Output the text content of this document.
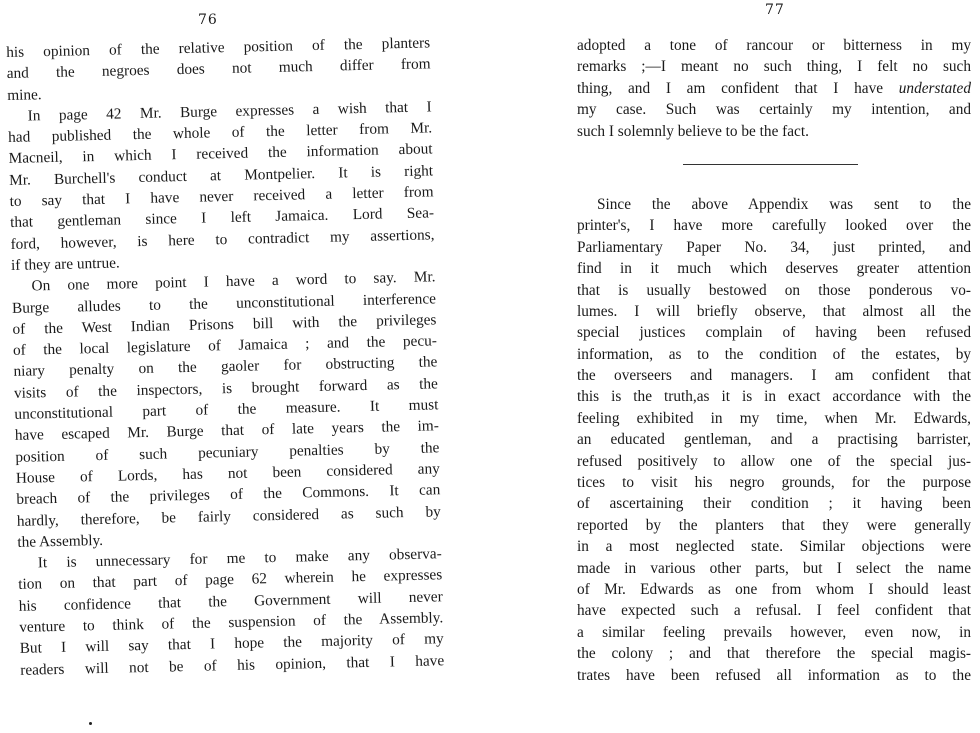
76
his opinion of the relative position of the planters
and the negroes does not much differ from
mine.
In page 42 Mr. Burge expresses a wish that I
had published the whole of the letter from Mr.
Macneil, in which I received the information about
Mr. Burchell's conduct at Montpelier. It is right
to say that I have never received a letter from
that gentleman since I left Jamaica. Lord Sea-
ford, however, is here to contradict my assertions,
if they are untrue.
On one more point I have a word to say. Mr.
Burge alludes to the unconstitutional interference
of the West Indian Prisons bill with the privileges
of the local legislature of Jamaica ; and the pecu-
niary penalty on the gaoler for obstructing the
visits of the inspectors, is brought forward as the
unconstitutional part of the measure. It must
have escaped Mr. Burge that of late years the im-
position of such pecuniary penalties by the
House of Lords, has not been considered any
breach of the privileges of the Commons. It can
hardly, therefore, be fairly considered as such by
the Assembly.
It is unnecessary for me to make any observa-
tion on that part of page 62 wherein he expresses
his confidence that the Government will never
venture to think of the suspension of the Assembly.
But I will say that I hope the majority of my
readers will not be of his opinion, that I have
77
adopted a tone of rancour or bitterness in my
remarks ;—I meant no such thing, I felt no such
thing, and I am confident that I have understated
my case. Such was certainly my intention, and
such I solemnly believe to be the fact.
Since the above Appendix was sent to the
printer's, I have more carefully looked over the
Parliamentary Paper No. 34, just printed, and
find in it much which deserves greater attention
that is usually bestowed on those ponderous vo-
lumes. I will briefly observe, that almost all the
special justices complain of having been refused
information, as to the condition of the estates, by
the overseers and managers. I am confident that
this is the truth,as it is in exact accordance with the
feeling exhibited in my time, when Mr. Edwards,
an educated gentleman, and a practising barrister,
refused positively to allow one of the special jus-
tices to visit his negro grounds, for the purpose
of ascertaining their condition ; it having been
reported by the planters that they were generally
in a most neglected state. Similar objections were
made in various other parts, but I select the name
of Mr. Edwards as one from whom I should least
have expected such a refusal. I feel confident that
a similar feeling prevails however, even now, in
the colony ; and that therefore the special magis-
trates have been refused all information as to the
